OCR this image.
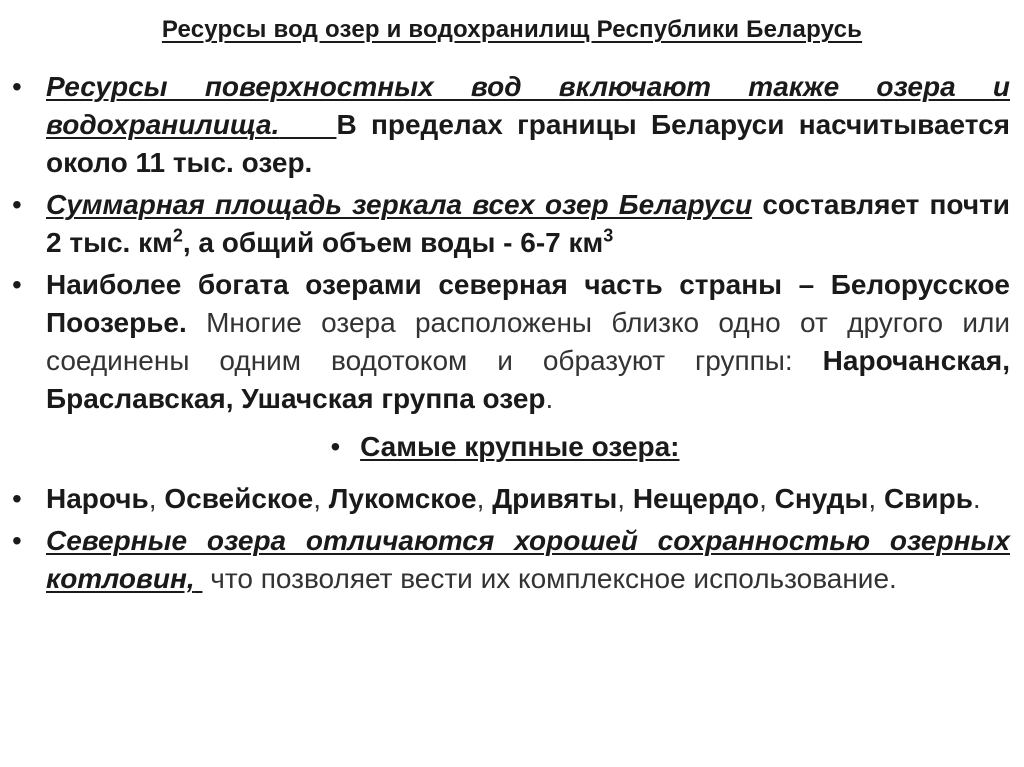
Ресурсы вод озер и водохранилищ Республики Беларусь
• Ресурсы поверхностных вод включают также озера и водохранилища. В пределах границы Беларуси насчитывается около 11 тыс. озер.
• Суммарная площадь зеркала всех озер Беларуси составляет почти 2 тыс. $км^2$, а общий объем воды - 6-7 $км^3$
• Наиболее богата озерами северная часть страны – Белорусское Поозерье. Многие озера расположены близко одно от другого или соединены одним водотоком и образуют группы: Нарочанская, Браславская, Ушачская группа озер.
• Самые крупные озера:
• Нарочь, Освейское, Лукомское, Дривяты, Нещердо, Снуды, Свирь.
• Северные озера отличаются хорошей сохранностью озерных котловин, что позволяет вести их комплексное использование.
